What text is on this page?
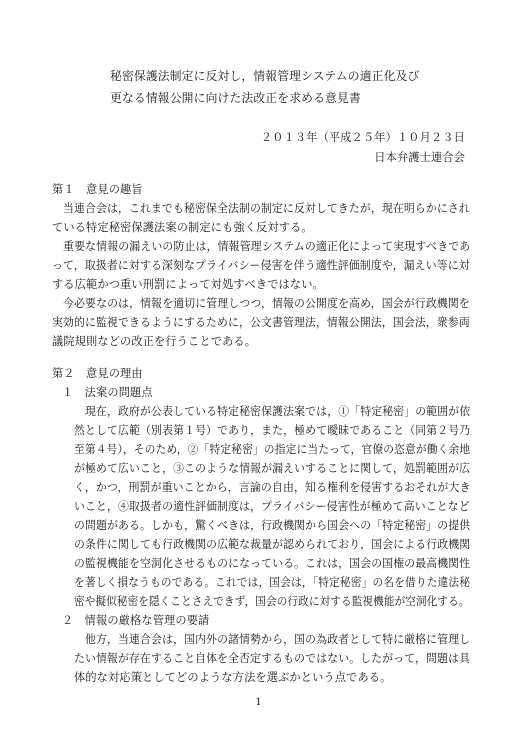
秘密保護法制定に反対し，情報管理システムの適正化及び
更なる情報公開に向けた法改正を求める意見書
２０１３年（平成２５年）１０月２３日
日本弁護士連合会
第１　意見の趣旨
　当連合会は，これまでも秘密保全法制の制定に反対してきたが，現在明らかにされ
ている特定秘密保護法案の制定にも強く反対する。
　重要な情報の漏えいの防止は，情報管理システムの適正化によって実現すべきであ
って，取扱者に対する深刻なプライバシー侵害を伴う適性評価制度や，漏えい等に対
する広範かつ重い刑罰によって対処すべきではない。
　今必要なのは，情報を適切に管理しつつ，情報の公開度を高め，国会が行政機関を
実効的に監視できるようにするために，公文書管理法，情報公開法，国会法，衆参両
議院規則などの改正を行うことである。
第２　意見の理由
１　法案の問題点
　現在，政府が公表している特定秘密保護法案では，①「特定秘密」の範囲が依
然として広範（別表第１号）であり，また，極めて曖昧であること（同第２号乃
至第４号），そのため，②「特定秘密」の指定に当たって，官僚の恣意が働く余地
が極めて広いこと，③このような情報が漏えいすることに関して，処罰範囲が広
く，かつ，刑罰が重いことから，言論の自由，知る権利を侵害するおそれが大き
いこと，④取扱者の適性評価制度は，プライバシー侵害性が極めて高いことなど
の問題がある。しかも，驚くべきは，行政機関から国会への「特定秘密」の提供
の条件に関しても行政機関の広範な裁量が認められており，国会による行政機関
の監視機能を空洞化させるものになっている。これは，国会の国権の最高機関性
を著しく損なうものである。これでは，国会は，「特定秘密」の名を借りた違法秘
密や擬似秘密を隠くことさえできず，国会の行政に対する監視機能が空洞化する。
２　情報の厳格な管理の要請
　他方，当連合会は，国内外の諸情勢から，国の為政者として特に厳格に管理し
たい情報が存在すること自体を全否定するものではない。したがって，問題は具
体的な対応策としてどのような方法を選ぶかという点である。
1
